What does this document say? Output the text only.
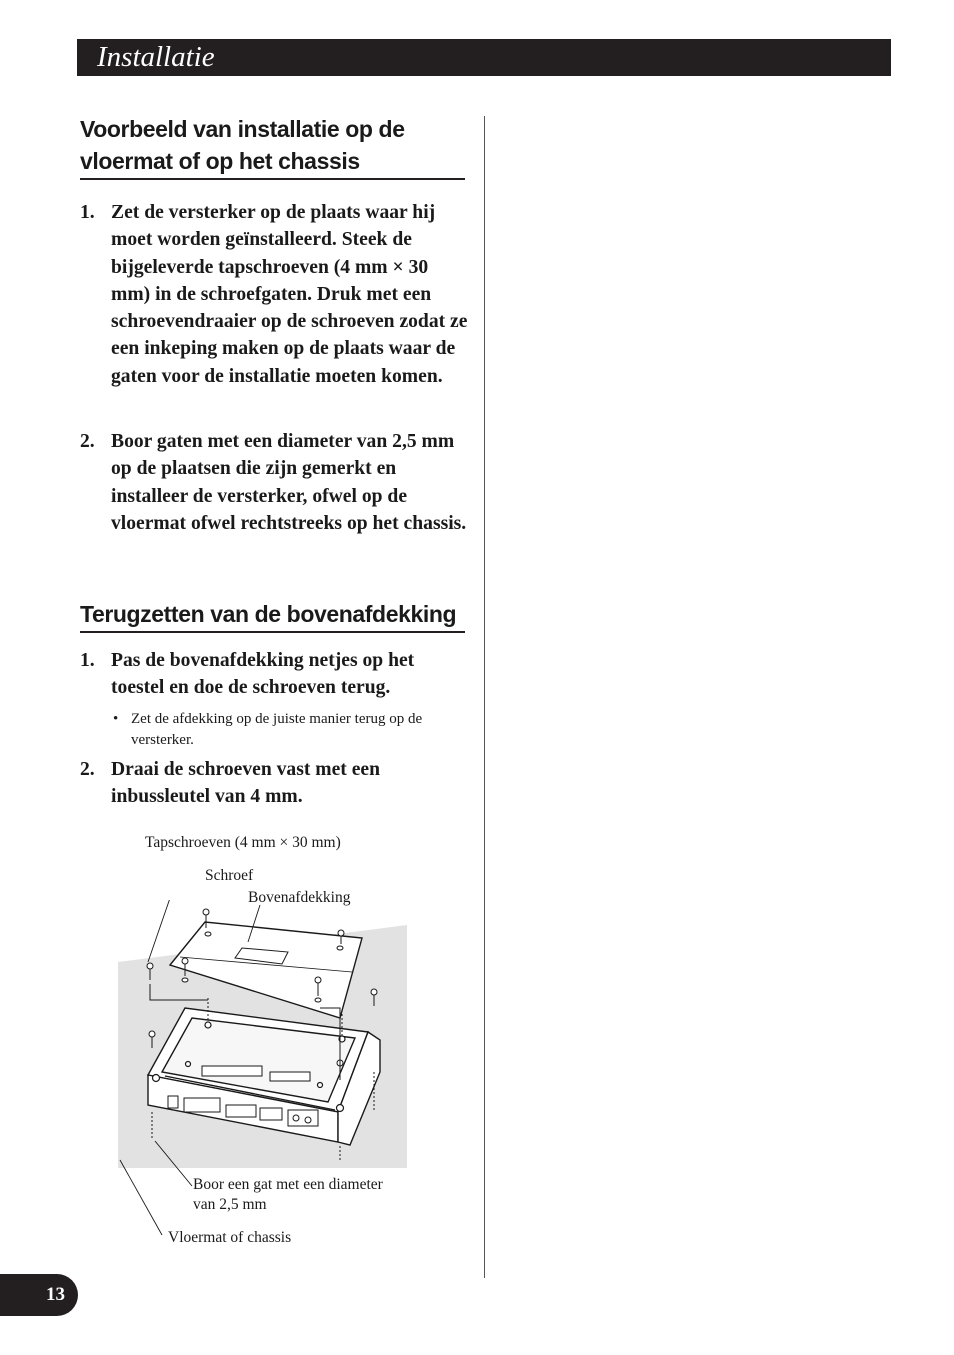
Installatie
Voorbeeld van installatie op de
vloermat of op het chassis
1. Zet de versterker op de plaats waar hij moet worden geïnstalleerd. Steek de bijgeleverde tapschroeven (4 mm × 30 mm) in de schroefgaten. Druk met een schroevendraaier op de schroeven zodat ze een inkeping maken op de plaats waar de gaten voor de installatie moeten komen.
2. Boor gaten met een diameter van 2,5 mm op de plaatsen die zijn gemerkt en installeer de versterker, ofwel op de vloermat ofwel rechtstreeks op het chassis.
Terugzetten van de bovenafdekking
1. Pas de bovenafdekking netjes op het toestel en doe de schroeven terug.
• Zet de afdekking op de juiste manier terug op de versterker.
2. Draai de schroeven vast met een inbussleutel van 4 mm.
Tapschroeven (4 mm × 30 mm)
Schroef
Bovenafdekking
Boor een gat met een diameter
van 2,5 mm
Vloermat of chassis
13
